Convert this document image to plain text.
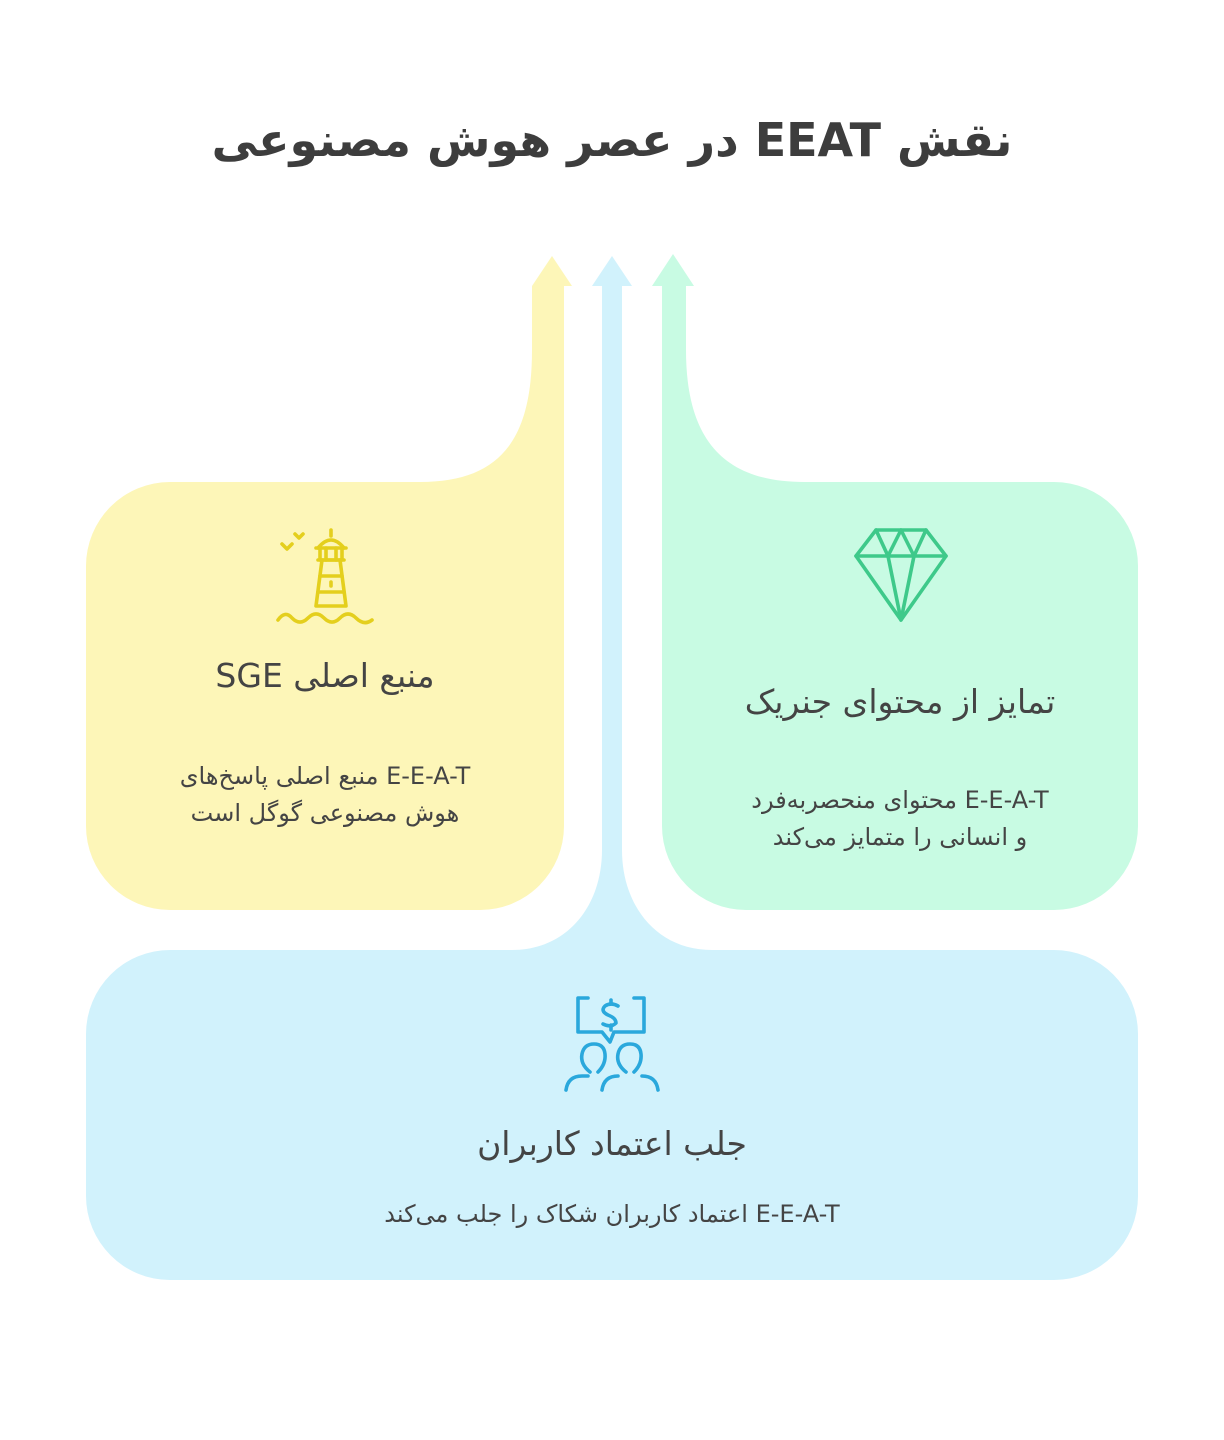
نقش EEAT در عصر هوش مصنوعی
منبع اصلی SGE
E-E-A-T منبع اصلی پاسخ‌های
هوش مصنوعی گوگل است
تمایز از محتوای جنریک
E-E-A-T محتوای منحصربه‌فرد
و انسانی را متمایز می‌کند
جلب اعتماد کاربران
E-E-A-T اعتماد کاربران شکاک را جلب می‌کند
